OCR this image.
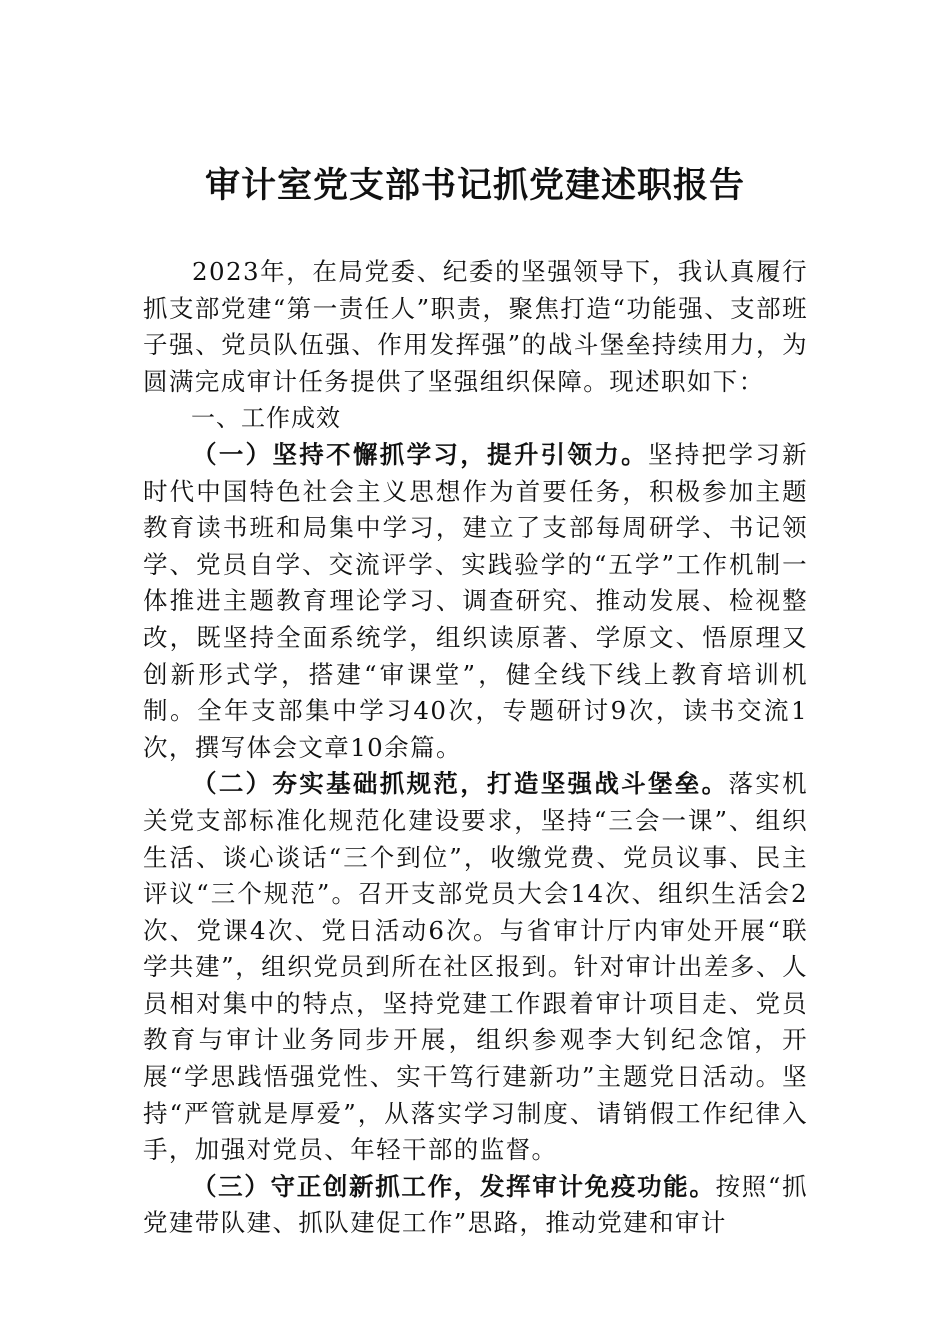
审计室党支部书记抓党建述职报告

2023年，在局党委、纪委的坚强领导下，我认真履行抓支部党建“第一责任人”职责，聚焦打造“功能强、支部班子强、党员队伍强、作用发挥强”的战斗堡垒持续用力，为圆满完成审计任务提供了坚强组织保障。现述职如下：

一、工作成效

（一）坚持不懈抓学习，提升引领力。坚持把学习新时代中国特色社会主义思想作为首要任务，积极参加主题教育读书班和局集中学习，建立了支部每周研学、书记领学、党员自学、交流评学、实践验学的“五学”工作机制一体推进主题教育理论学习、调查研究、推动发展、检视整改，既坚持全面系统学，组织读原著、学原文、悟原理又创新形式学，搭建“审课堂”，健全线下线上教育培训机制。全年支部集中学习40次，专题研讨9次，读书交流1次，撰写体会文章10余篇。

（二）夯实基础抓规范，打造坚强战斗堡垒。落实机关党支部标准化规范化建设要求，坚持“三会一课”、组织生活、谈心谈话“三个到位”，收缴党费、党员议事、民主评议“三个规范”。召开支部党员大会14次、组织生活会2次、党课4次、党日活动6次。与省审计厅内审处开展“联学共建”，组织党员到所在社区报到。针对审计出差多、人员相对集中的特点，坚持党建工作跟着审计项目走、党员教育与审计业务同步开展，组织参观李大钊纪念馆，开展“学思践悟强党性、实干笃行建新功”主题党日活动。坚持“严管就是厚爱”，从落实学习制度、请销假工作纪律入手，加强对党员、年轻干部的监督。

（三）守正创新抓工作，发挥审计免疫功能。按照“抓党建带队建、抓队建促工作”思路，推动党建和审计
